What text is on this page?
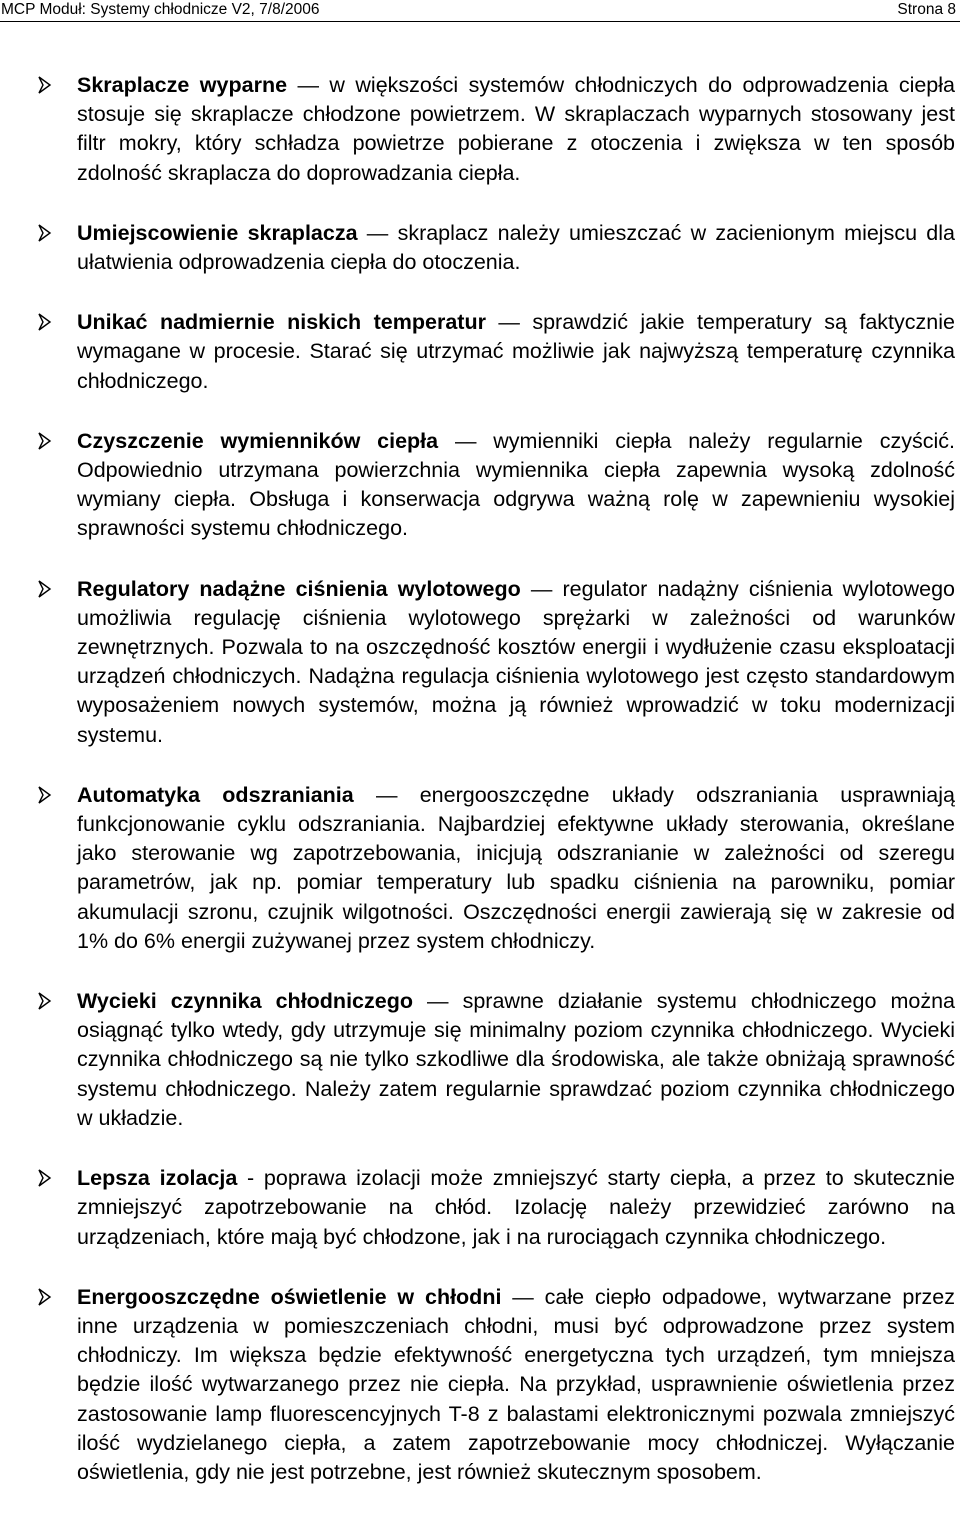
MCP Moduł: Systemy chłodnicze V2, 7/8/2006	Strona 8
Skraplacze wyparne — w większości systemów chłodniczych do odprowadzenia ciepła stosuje się skraplacze chłodzone powietrzem. W skraplaczach wyparnych stosowany jest filtr mokry, który schładza powietrze pobierane z otoczenia i zwiększa w ten sposób zdolność skraplacza do doprowadzania ciepła.
Umiejscowienie skraplacza — skraplacz należy umieszczać w zacienionym miejscu dla ułatwienia odprowadzenia ciepła do otoczenia.
Unikać nadmiernie niskich temperatur — sprawdzić jakie temperatury są faktycznie wymagane w procesie. Starać się utrzymać możliwie jak najwyższą temperaturę czynnika chłodniczego.
Czyszczenie wymienników ciepła — wymienniki ciepła należy regularnie czyścić. Odpowiednio utrzymana powierzchnia wymiennika ciepła zapewnia wysoką zdolność wymiany ciepła. Obsługa i konserwacja odgrywa ważną rolę w zapewnieniu wysokiej sprawności systemu chłodniczego.
Regulatory nadążne ciśnienia wylotowego — regulator nadążny ciśnienia wylotowego umożliwia regulację ciśnienia wylotowego sprężarki w zależności od warunków zewnętrznych. Pozwala to na oszczędność kosztów energii i wydłużenie czasu eksploatacji urządzeń chłodniczych. Nadążna regulacja ciśnienia wylotowego jest często standardowym wyposażeniem nowych systemów, można ją również wprowadzić w toku modernizacji systemu.
Automatyka odszraniania — energooszczędne układy odszraniania usprawniają funkcjonowanie cyklu odszraniania. Najbardziej efektywne układy sterowania, określane jako sterowanie wg zapotrzebowania, inicjują odszranianie w zależności od szeregu parametrów, jak np. pomiar temperatury lub spadku ciśnienia na parowniku, pomiar akumulacji szronu, czujnik wilgotności. Oszczędności energii zawierają się w zakresie od 1% do 6% energii zużywanej przez system chłodniczy.
Wycieki czynnika chłodniczego — sprawne działanie systemu chłodniczego można osiągnąć tylko wtedy, gdy utrzymuje się minimalny poziom czynnika chłodniczego. Wycieki czynnika chłodniczego są nie tylko szkodliwe dla środowiska, ale także obniżają sprawność systemu chłodniczego. Należy zatem regularnie sprawdzać poziom czynnika chłodniczego w układzie.
Lepsza izolacja - poprawa izolacji może zmniejszyć starty ciepła, a przez to skutecznie zmniejszyć zapotrzebowanie na chłód. Izolację należy przewidzieć zarówno na urządzeniach, które mają być chłodzone, jak i na rurociągach czynnika chłodniczego.
Energooszczędne oświetlenie w chłodni — całe ciepło odpadowe, wytwarzane przez inne urządzenia w pomieszczeniach chłodni, musi być odprowadzone przez system chłodniczy. Im większa będzie efektywność energetyczna tych urządzeń, tym mniejsza będzie ilość wytwarzanego przez nie ciepła. Na przykład, usprawnienie oświetlenia przez zastosowanie lamp fluorescencyjnych T-8 z balastami elektronicznymi pozwala zmniejszyć ilość wydzielanego ciepła, a zatem zapotrzebowanie mocy chłodniczej. Wyłączanie oświetlenia, gdy nie jest potrzebne, jest również skutecznym sposobem.
